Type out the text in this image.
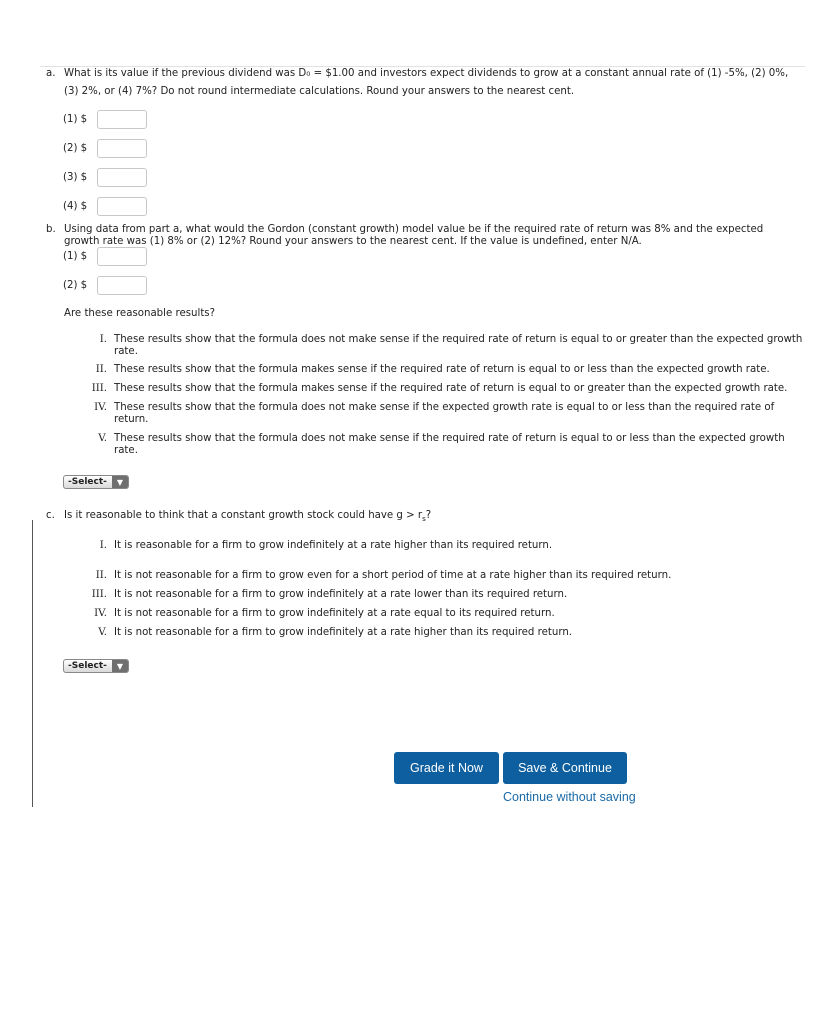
a. What is its value if the previous dividend was D₀ = $1.00 and investors expect dividends to grow at a constant annual rate of (1) -5%, (2) 0%,
(3) 2%, or (4) 7%? Do not round intermediate calculations. Round your answers to the nearest cent.
(1) $
(2) $
(3) $
(4) $
b. Using data from part a, what would the Gordon (constant growth) model value be if the required rate of return was 8% and the expected
growth rate was (1) 8% or (2) 12%? Round your answers to the nearest cent. If the value is undefined, enter N/A.
(1) $
(2) $
Are these reasonable results?
I. These results show that the formula does not make sense if the required rate of return is equal to or greater than the expected growth rate.
II. These results show that the formula makes sense if the required rate of return is equal to or less than the expected growth rate.
III. These results show that the formula makes sense if the required rate of return is equal to or greater than the expected growth rate.
IV. These results show that the formula does not make sense if the expected growth rate is equal to or less than the required rate of return.
V. These results show that the formula does not make sense if the required rate of return is equal to or less than the expected growth rate.
-Select-	▼
c. Is it reasonable to think that a constant growth stock could have $g > r_s$?
I. It is reasonable for a firm to grow indefinitely at a rate higher than its required return.
II. It is not reasonable for a firm to grow even for a short period of time at a rate higher than its required return.
III. It is not reasonable for a firm to grow indefinitely at a rate lower than its required return.
IV. It is not reasonable for a firm to grow indefinitely at a rate equal to its required return.
V. It is not reasonable for a firm to grow indefinitely at a rate higher than its required return.
-Select-	▼
Grade it Now	Save & Continue
Continue without saving
